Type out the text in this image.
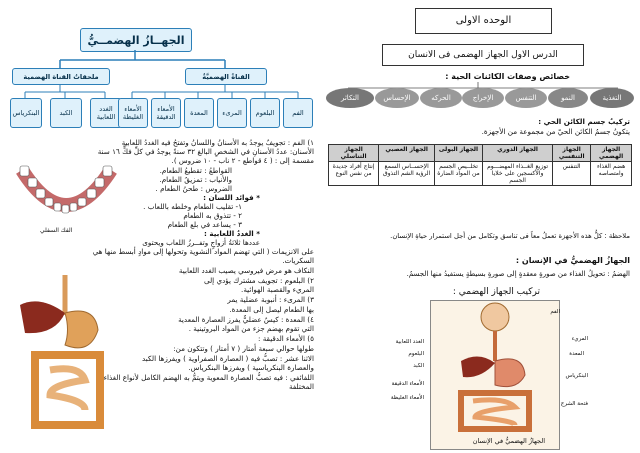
الجهــازُ الهضمــيُّ
ملحقاتُ القناة الهضمية	القناةُ الهضميَّةُ
البنكرياس	الكبد	الغدد اللعابية
الأمعاء الغليظة
الأمعاء الدقيقة	المعدة	المرىء	البلعوم	الفم
الفك السفلي
١) الفم : تجويفٌ يوجدُ به الأسنانُ واللسانُ وتفتحُ فيه الغددُ اللعابية
الأسنان: عددُ الأسنانِ في الشخصِ البالغ ٣٢ سنةً يوجدُ في كلِّ فكٍّ ١٦ سنة
مقسمة إلى : ( ٤ قواطع - ٢ ناب - ١٠ ضروس ).
القواطعُ : تقطيعُ الطعام.
والأنياب : تمزيقُ الطعام.
الضروس : طحنُ الطعام .
* فوائد اللسان :
١- تقليب الطعام وخلطه باللعاب .
٢ - تتذوق به الطعام
٣ - يساعد في بلع الطعام
* الغددُ اللعابية :
عددها ثلاثةُ أزواجٍ وتفــرزُ اللعاب ويحتوى
على الانزيمات ( التي تهضم المواد النشوية وتحولها إلى موادٍ أبسط منها هي
السكريات.
النكاف هو مرض فيروسي يصيب الغدد اللعابية
٢) البلعوم : تجويف مشترك يؤدي إلى
المريء والقصبة الهوائية.
٣) المرىء : أنبوبة عضلية يمر
بها الطعام ليصل إلى المعدة.
٤) المعدة : كيسٌ عضليٌّ يفرز العصارة المعدية
التي تقوم بهضم جزء من المواد البروتينية .
٥) الأمعاء الدقيقة :
طولها حوالي سبعة أمتار ( ٧ أمتار ) وتتكون من:
الاثنا عشر : تصبُّ فيه ( العصارة الصفراوية ) ويفرزها الكبد
والعصارة البنكرياسية ) ويفرزها البنكرياس.
اللفائفي : فيه تصبُّ العصارة المعوية ويتمُّ به الهضم الكامل لأنواع الغذاء
المختلفة
الوحده الاولى
الدرس الاول الجهاز الهضمى فى الانسان
خصائص وصفات الكائنات الحية :
التغذية
النمو
التنفس
الإخراج
الحركه
الإحساس
التكاثر
تركيبُ جسم الكائن الحي :
يتكونُ جسمُ الكائن الحيّ من مجموعة من الأجهزة.
الجهاز الهضمي	الجهاز التنفسي	الجهاز الدوري	الجهاز البولى	الجهاز العصبي	الجهاز التناسلي
هضم الغذاء وامتصاصه	التنفس	توزيع الغــذاء المهضـــوم والأكسجين على خلايا الجسم	تخلــيص الجسم من المواد الضارة	الإحســاس السمع الرؤية الشم التذوق	إنتاج أفراد جديدة من نفس النوع
ملاحظة : كلُّ هذه الأجهزة تعملُ معاً فى تناسق وتكامل من أجل استمرار حياةِ الإنسان.
الجهازُ الهضميُّ في الإنسان :
الهضمُ : تحويلُ الغذاء من صورةٍ معقدةٍ إلى صورةٍ بسيطةٍ يستفيدُ منها الجسمُ.
تركيب الجهاز الهضمي :
الجهازُ الهضميُّ في الإنسان
الفم
الغدد اللعابية
البلعوم
المريء
الكبد
المعدة
البنكرياس
الأمعاء الدقيقة
الأمعاء الغليظة
فتحة الشرج
